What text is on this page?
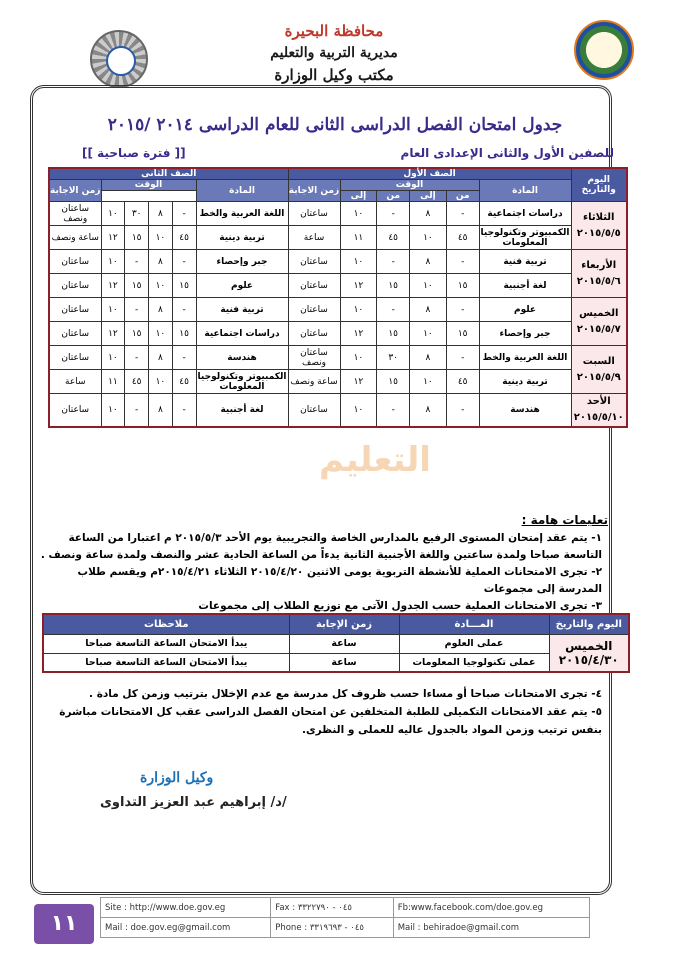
محافظة البحيرة
مديرية التربية والتعليم
مكتب وكيل الوزارة
جدول امتحان الفصل الدراسى الثانى للعام الدراسى ٢٠١٤ /٢٠١٥
للصفين الأول والثانى الإعدادى العام
[[ فترة صباحية ]]
اليوم والتاريخ	الصف الأول						الصف الثانى					
	المادة	الوقت				زمن الاجابة	المادة	الوقت				زمن الاجابة
		من	إلى	من	إلى							
الثلاثاء
٢٠١٥/٥/٥	دراسات اجتماعية	-	٨	-	١٠	ساعتان	اللغة العربية والخط	-	٨	٣٠	١٠	ساعتان ونصف
	الكمبيوتر وتكنولوجيا المعلومات	٤٥	١٠	٤٥	١١	ساعة	تربية دينية	٤٥	١٠	١٥	١٢	ساعة ونصف
الأربعاء
٢٠١٥/٥/٦	تربية فنية	-	٨	-	١٠	ساعتان	جبر وإحصاء	-	٨	-	١٠	ساعتان
	لغة أجنبية	١٥	١٠	١٥	١٢	ساعتان	علوم	١٥	١٠	١٥	١٢	ساعتان
الخميس
٢٠١٥/٥/٧	علوم	-	٨	-	١٠	ساعتان	تربية فنية	-	٨	-	١٠	ساعتان
	جبر وإحصاء	١٥	١٠	١٥	١٢	ساعتان	دراسات اجتماعية	١٥	١٠	١٥	١٢	ساعتان
السبت
٢٠١٥/٥/٩	اللغة العربية والخط	-	٨	٣٠	١٠	ساعتان ونصف	هندسة	-	٨	-	١٠	ساعتان
	تربية دينية	٤٥	١٠	١٥	١٢	ساعة ونصف	الكمبيوتر وتكنولوجيا المعلومات	٤٥	١٠	٤٥	١١	ساعة
الأحد
٢٠١٥/٥/١٠	هندسة	-	٨	-	١٠	ساعتان	لغة أجنبية	-	٨	-	١٠	ساعتان
التعليم
تعليمات هامة :
١- يتم عقد إمتحان المستوى الرفيع بالمدارس الخاصة والتجريبية يوم الأحد ٢٠١٥/٥/٣ م اعتبارا من الساعة التاسعة صباحا ولمدة ساعتين واللغة الأجنبية الثانية يدءاً من الساعة الحادية عشر والنصف ولمدة ساعة ونصف .
٢- تجرى الامتحانات العملية للأنشطة التربوية يومى الاثنين ٢٠١٥/٤/٢٠ الثلاثاء ٢٠١٥/٤/٢١م ويقسم طلاب المدرسة إلى مجموعات
٣- تجرى الامتحانات العملية حسب الجدول الآتى مع توزيع الطلاب إلى مجموعات
اليوم والتاريخ	المـــادة	زمن الإجابة	ملاحظات
الخميس
٢٠١٥/٤/٣٠	عملى العلوم	ساعة	يبدأ الامتحان الساعة التاسعة صباحا
	عملى تكنولوجيا المعلومات	ساعة	يبدأ الامتحان الساعة التاسعة صباحا
٤- تجرى الامتحانات صباحا أو مساءا حسب ظروف كل مدرسة مع عدم الإخلال بترتيب وزمن كل مادة .
٥- يتم عقد الامتحانات التكميلى للطلبة المتخلفين عن امتحان الفصل الدراسى عقب كل الامتحانات مباشرة بنفس ترتيب وزمن المواد بالجدول عاليه للعملى و النظرى.
وكيل الوزارة
/د/ إبراهيم عبد العزيز التداوى
١١
Site : http://www.doe.gov.eg	Fax : ٠٤٥ - ٣٣٢٢٧٩٠	Fb:www.facebook.com/doe.gov.eg
Mail : doe.gov.eg@gmail.com	Phone : ٠٤٥ - ٣٣١٩٦٩٣	Mail : behiradoe@gmail.com
